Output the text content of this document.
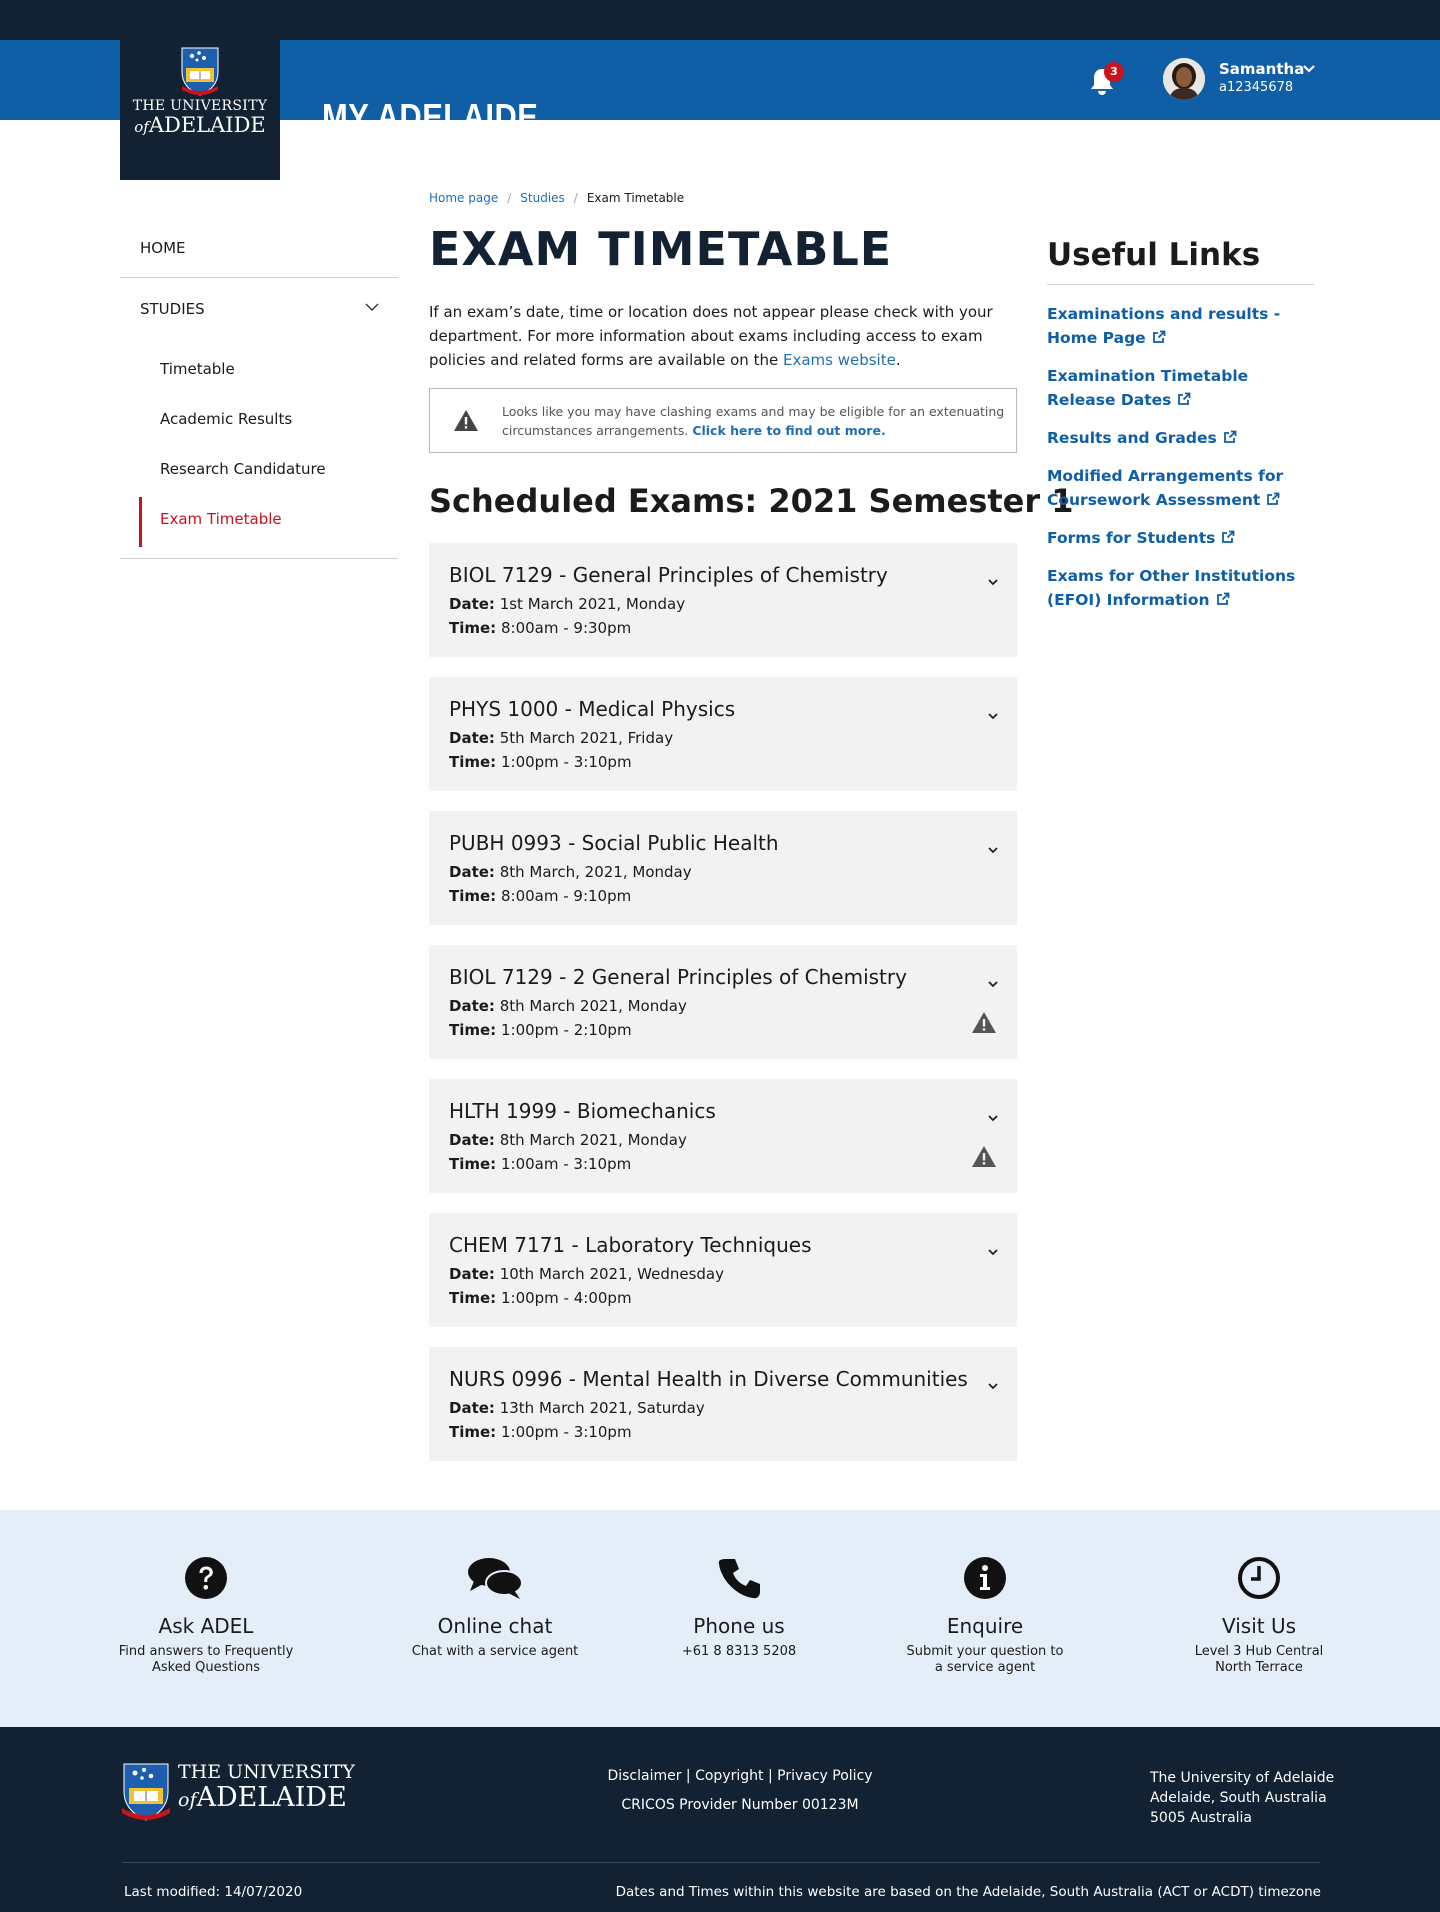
MY ADELAIDE
THE UNIVERSITY
ofADELAIDE
3	Samantha
a12345678
HOME
STUDIES
Timetable
Academic Results
Research Candidature
Exam Timetable
Home page / Studies / Exam Timetable
EXAM TIMETABLE

If an exam’s date, time or location does not appear please check with your department. For more information about exams including access to exam policies and related forms are available on the Exams website.

Looks like you may have clashing exams and may be eligible for an extenuating circumstances arrangements. Click here to find out more.
Scheduled Exams: 2021 Semester 1
BIOL 7129 - General Principles of Chemistry
Date: 1st March 2021, Monday
Time: 8:00am - 9:30pm
PHYS 1000 - Medical Physics
Date: 5th March 2021, Friday
Time: 1:00pm - 3:10pm
PUBH 0993 - Social Public Health
Date: 8th March, 2021, Monday
Time: 8:00am - 9:10pm
BIOL 7129 - 2 General Principles of Chemistry
Date: 8th March 2021, Monday
Time: 1:00pm - 2:10pm
HLTH 1999 - Biomechanics
Date: 8th March 2021, Monday
Time: 1:00am - 3:10pm
CHEM 7171 - Laboratory Techniques
Date: 10th March 2021, Wednesday
Time: 1:00pm - 4:00pm
NURS 0996 - Mental Health in Diverse Communities
Date: 13th March 2021, Saturday
Time: 1:00pm - 3:10pm
Useful Links
Examinations and results - Home Page
Examination Timetable Release Dates
Results and Grades
Modified Arrangements for Coursework Assessment
Forms for Students
Exams for Other Institutions (EFOI) Information
Ask ADEL
Find answers to Frequently
Asked Questions
Online chat
Chat with a service agent
Phone us
+61 8 8313 5208
Enquire
Submit your question to
a service agent
Visit Us
Level 3 Hub Central
North Terrace
THE UNIVERSITY
ofADELAIDE
Disclaimer | Copyright | Privacy Policy
CRICOS Provider Number 00123M
The University of Adelaide
Adelaide, South Australia
5005 Australia
Last modified: 14/07/2020	Dates and Times within this website are based on the Adelaide, South Australia (ACT or ACDT) timezone
